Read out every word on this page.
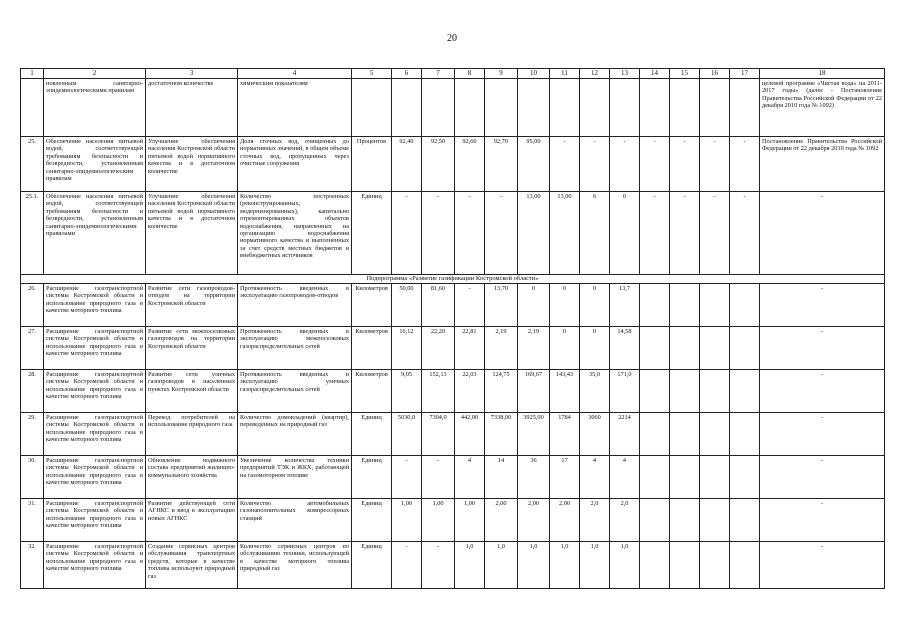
20
1	2	3	4	5	6	7	8	9	10	11	12	13	14	15	16	17	18
	новленным санитарно-эпидемиологическими правилам	достаточном количестве	химическим показателям														целевой программе «Чистая вода» на 2011-2017 годы» (далее - Постановление Правительства Российской Федерации от 22 декабря 2010 года № 1092)
25.	Обеспечение населения питьевой водой, соответствующей требованиям безопасности и безвредности, установленным санитарно-эпидемиологическим правилам	Улучшение обеспечения населения Костромской области питьевой водой нормативного качества и в достаточном количестве	Доля сточных вод, очищенных до нормативных значений, в общем объеме сточных вод, пропущенных через очистные сооружения	Процентов	92,40	92,50	92,60	92,70	95,00	-	-	-	-	-	-	-	Постановление Правительства Российской Федерации от 22 декабря 2010 года № 1092
25.1.	Обеспечение населения питьевой водой, соответствующей требованиям безопасности и безвредности, установленным санитарно-эпидемиологическими правилами	Улучшение обеспечения населения Костромской области питьевой водой нормативного качества и в достаточном количестве	Количество построенных (реконструированных, модернизированных), капитально отремонтированных объектов водоснабжения, направленных на организацию водоснабжения нормативного качества и выполненных за счет средств местных бюджетов и внебюджетных источников	Единиц	-	-	-	-	13,00	13,00	6	0	-	-	-	-	-
Подпрограмма «Развитие газификации Костромской области»																	
26.	Расширение газотранспортной системы Костромской области и использование природного газа в качестве моторного топлива	Развитие сети газопроводов-отводов на территории Костромской области	Протяженность введенных в эксплуатацию газопроводов-отводов	Километров	50,00	81,60	-	13,70	0	0	0	13,7					-
27.	Расширение газотранспортной системы Костромской области и использование природного газа в качестве моторного топлива	Развитие сети межпоселковых газопроводов на территории Костромской области	Протяженность введенных в эксплуатацию межпоселковых газораспределительных сетей	Километров	16,12	22,20	22,81	2,19	2,19	0	0	14,58					-
28.	Расширение газотранспортной системы Костромской области и использование природного газа в качестве моторного топлива	Развитие сети уличных газопроводов в населенных пунктах Костромской области	Протяженность введенных в эксплуатацию уличных газораспределительных сетей	Километров	9,05	152,13	22,03	124,75	169,67	143,43	35,0	171,0					-
29.	Расширение газотранспортной системы Костромской области и использование природного газа в качестве моторного топлива	Перевод потребителей на использование природного газа	Количество домовладений (квартир), переведенных на природный газ	Единиц	5030,0	7304,0	442,00	7338,00	3925,00	1784	3060	2214					-
30.	Расширение газотранспортной системы Костромской области и использование природного газа в качестве моторного топлива	Обновление подвижного состава предприятий жилищно-коммунального хозяйства	Увеличение количества техники предприятий ТЭК и ЖКХ, работающей на газомоторном топливе	Единиц	-	-	4	14	36	17	4	4					-
31.	Расширение газотранспортной системы Костромской области и использование природного газа в качестве моторного топлива	Развитие действующей сети АГНКС и ввод в эксплуатацию новых АГНКС	Количество автомобильных газонаполнительных компрессорных станций	Единиц	1,00	1,00	1,00	2,00	2,00	2,00	2,0	2,0					-
32.	Расширение газотранспортной системы Костромской области и использование природного газа в качестве моторного топлива	Создание сервисных центров обслуживания транспортных средств, которые в качестве топлива используют природный газ	Количество сервисных центров по обслуживанию техники, использующей в качестве моторного топлива природный газ	Единиц	-	-	1,0	1,0	1,0	1,0	1,0	1,0					-
